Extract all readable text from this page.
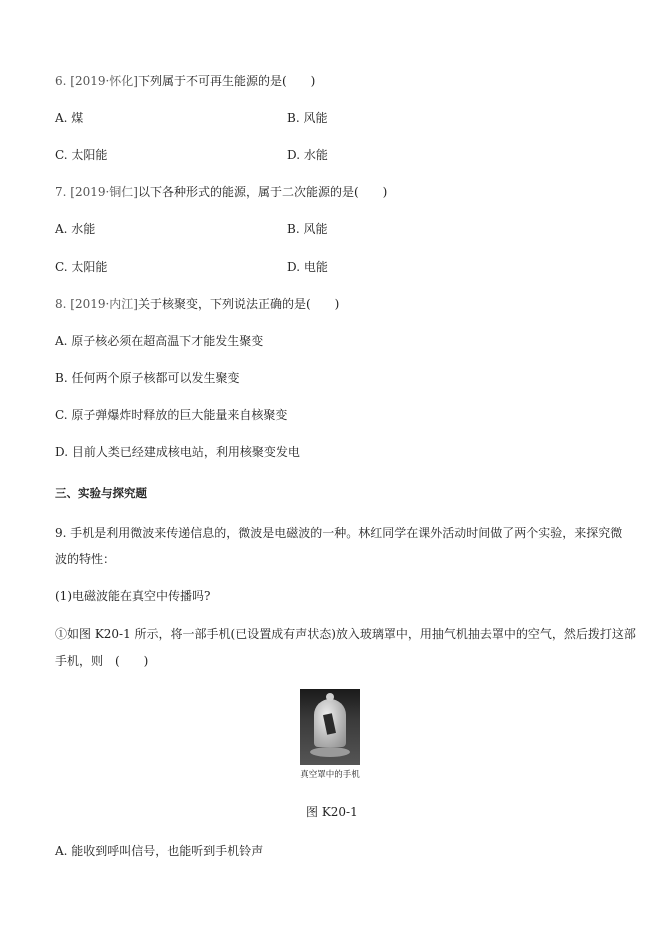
6. [2019·怀化]下列属于不可再生能源的是(　　)
A. 煤	B. 风能
C. 太阳能	D. 水能
7. [2019·铜仁]以下各种形式的能源，属于二次能源的是(　　)
A. 水能	B. 风能
C. 太阳能	D. 电能
8. [2019·内江]关于核聚变，下列说法正确的是(　　)
A. 原子核必须在超高温下才能发生聚变
B. 任何两个原子核都可以发生聚变
C. 原子弹爆炸时释放的巨大能量来自核聚变
D. 目前人类已经建成核电站，利用核聚变发电
三、实验与探究题
9. 手机是利用微波来传递信息的，微波是电磁波的一种。林红同学在课外活动时间做了两个实验，来探究微
波的特性：
(1)电磁波能在真空中传播吗?
①如图 K20-1 所示，将一部手机(已设置成有声状态)放入玻璃罩中，用抽气机抽去罩中的空气，然后拨打这部
手机，则　(　　)
真空罩中的手机
图 K20-1
A. 能收到呼叫信号，也能听到手机铃声
